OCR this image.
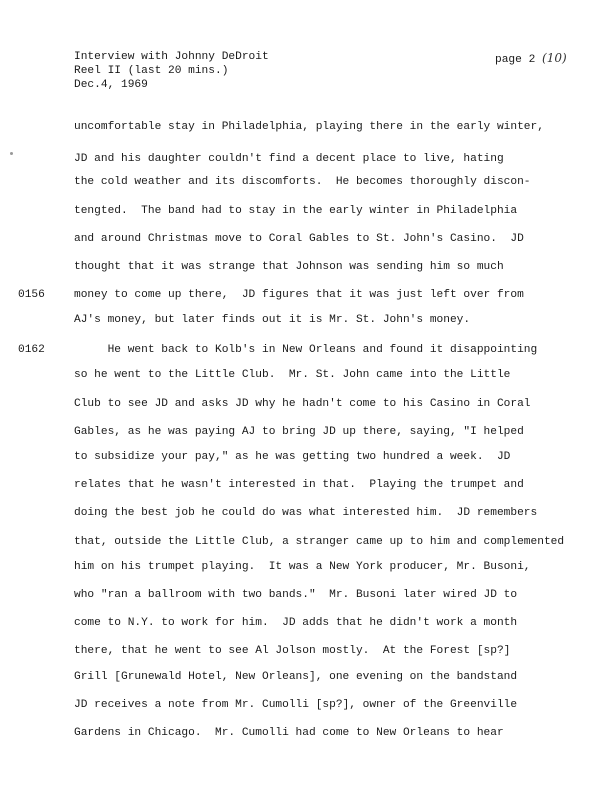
Interview with Johnny DeDroit
Reel II (last 20 mins.)
Dec.4, 1969
page 2 (10)
0156
0162
uncomfortable stay in Philadelphia, playing there in the early winter,
JD and his daughter couldn't find a decent place to live, hating
the cold weather and its discomforts.  He becomes thoroughly discon-
tengted.  The band had to stay in the early winter in Philadelphia
and around Christmas move to Coral Gables to St. John's Casino.  JD
thought that it was strange that Johnson was sending him so much
money to come up there,  JD figures that it was just left over from
AJ's money, but later finds out it is Mr. St. John's money.
He went back to Kolb's in New Orleans and found it disappointing
so he went to the Little Club.  Mr. St. John came into the Little
Club to see JD and asks JD why he hadn't come to his Casino in Coral
Gables, as he was paying AJ to bring JD up there, saying, "I helped
to subsidize your pay," as he was getting two hundred a week.  JD
relates that he wasn't interested in that.  Playing the trumpet and
doing the best job he could do was what interested him.  JD remembers
that, outside the Little Club, a stranger came up to him and complemented
him on his trumpet playing.  It was a New York producer, Mr. Busoni,
who "ran a ballroom with two bands."  Mr. Busoni later wired JD to
come to N.Y. to work for him.  JD adds that he didn't work a month
there, that he went to see Al Jolson mostly.  At the Forest [sp?]
Grill [Grunewald Hotel, New Orleans], one evening on the bandstand
JD receives a note from Mr. Cumolli [sp?], owner of the Greenville
Gardens in Chicago.  Mr. Cumolli had come to New Orleans to hear
